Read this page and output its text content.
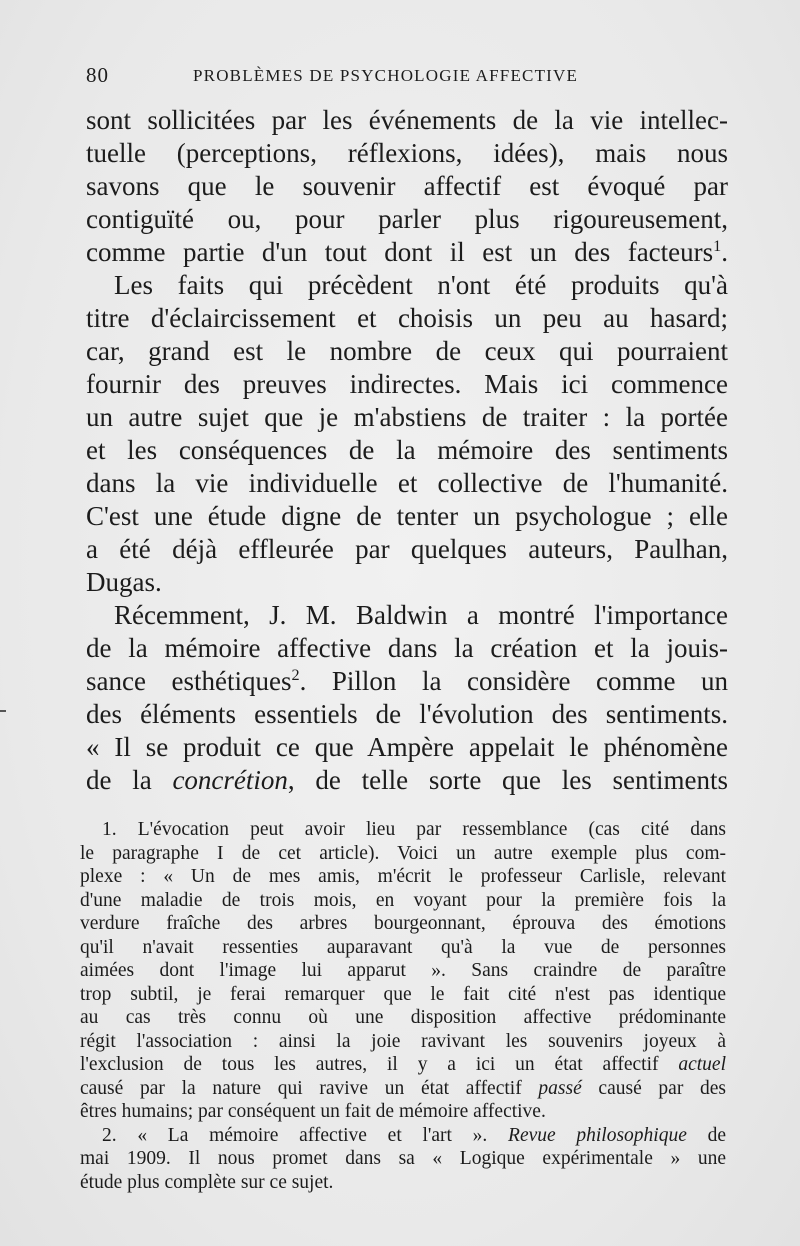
80	PROBLÈMES DE PSYCHOLOGIE AFFECTIVE
sont sollicitées par les événements de la vie intellec-
tuelle (perceptions, réflexions, idées), mais nous
savons que le souvenir affectif est évoqué par
contiguïté ou, pour parler plus rigoureusement,
comme partie d'un tout dont il est un des facteurs$^1$.
Les faits qui précèdent n'ont été produits qu'à
titre d'éclaircissement et choisis un peu au hasard;
car, grand est le nombre de ceux qui pourraient
fournir des preuves indirectes. Mais ici commence
un autre sujet que je m'abstiens de traiter : la portée
et les conséquences de la mémoire des sentiments
dans la vie individuelle et collective de l'humanité.
C'est une étude digne de tenter un psychologue ; elle
a été déjà effleurée par quelques auteurs, Paulhan,
Dugas.
Récemment, J. M. Baldwin a montré l'importance
de la mémoire affective dans la création et la jouis-
sance esthétiques$^2$. Pillon la considère comme un
des éléments essentiels de l'évolution des sentiments.
« Il se produit ce que Ampère appelait le phénomène
de la concrétion, de telle sorte que les sentiments
1. L'évocation peut avoir lieu par ressemblance (cas cité dans
le paragraphe I de cet article). Voici un autre exemple plus com-
plexe : « Un de mes amis, m'écrit le professeur Carlisle, relevant
d'une maladie de trois mois, en voyant pour la première fois la
verdure fraîche des arbres bourgeonnant, éprouva des émotions
qu'il n'avait ressenties auparavant qu'à la vue de personnes
aimées dont l'image lui apparut ». Sans craindre de paraître
trop subtil, je ferai remarquer que le fait cité n'est pas identique
au cas très connu où une disposition affective prédominante
régit l'association : ainsi la joie ravivant les souvenirs joyeux à
l'exclusion de tous les autres, il y a ici un état affectif actuel
causé par la nature qui ravive un état affectif passé causé par des
êtres humains; par conséquent un fait de mémoire affective.
2. « La mémoire affective et l'art ». Revue philosophique de
mai 1909. Il nous promet dans sa « Logique expérimentale » une
étude plus complète sur ce sujet.
